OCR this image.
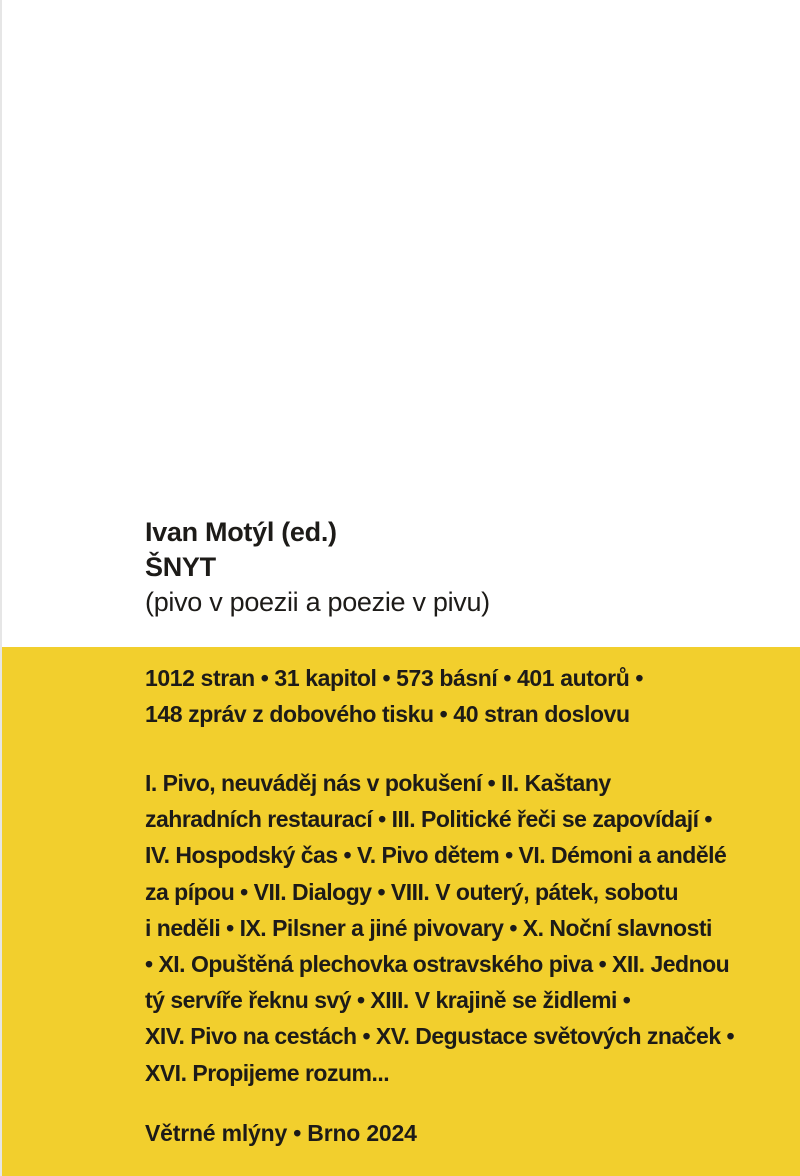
Ivan Motýl (ed.)
ŠNYT
(pivo v poezii a poezie v pivu)
1012 stran • 31 kapitol • 573 básní • 401 autorů •
148 zpráv z dobového tisku • 40 stran doslovu
I. Pivo, neuváděj nás v pokušení • II. Kaštany
zahradních restaurací • III. Politické řeči se zapovídají •
IV. Hospodský čas • V. Pivo dětem • VI. Démoni a andělé
za pípou • VII. Dialogy • VIII. V outerý, pátek, sobotu
i neděli • IX. Pilsner a jiné pivovary • X. Noční slavnosti
• XI. Opuštěná plechovka ostravského piva • XII. Jednou
tý servíře řeknu svý • XIII. V krajině se židlemi •
XIV. Pivo na cestách • XV. Degustace světových značek •
XVI. Propijeme rozum...
Větrné mlýny • Brno 2024
